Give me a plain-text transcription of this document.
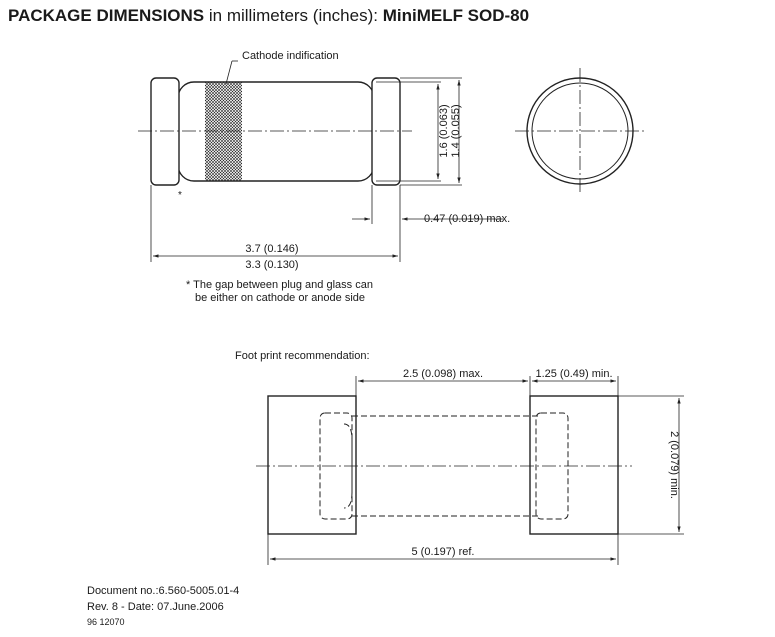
PACKAGE DIMENSIONS in millimeters (inches): MiniMELF SOD-80
Cathode indification
*
1.6 (0.063) 1.4 (0.055)
0.47 (0.019) max.
3.7 (0.146)
3.3 (0.130)
* The gap between plug and glass can
be either on cathode or anode side
Foot print recommendation:
2.5 (0.098) max.	1.25 (0.49) min.
2 (0.079) min.
5 (0.197) ref.
Document no.:6.560-5005.01-4
Rev. 8 - Date: 07.June.2006
96 12070
